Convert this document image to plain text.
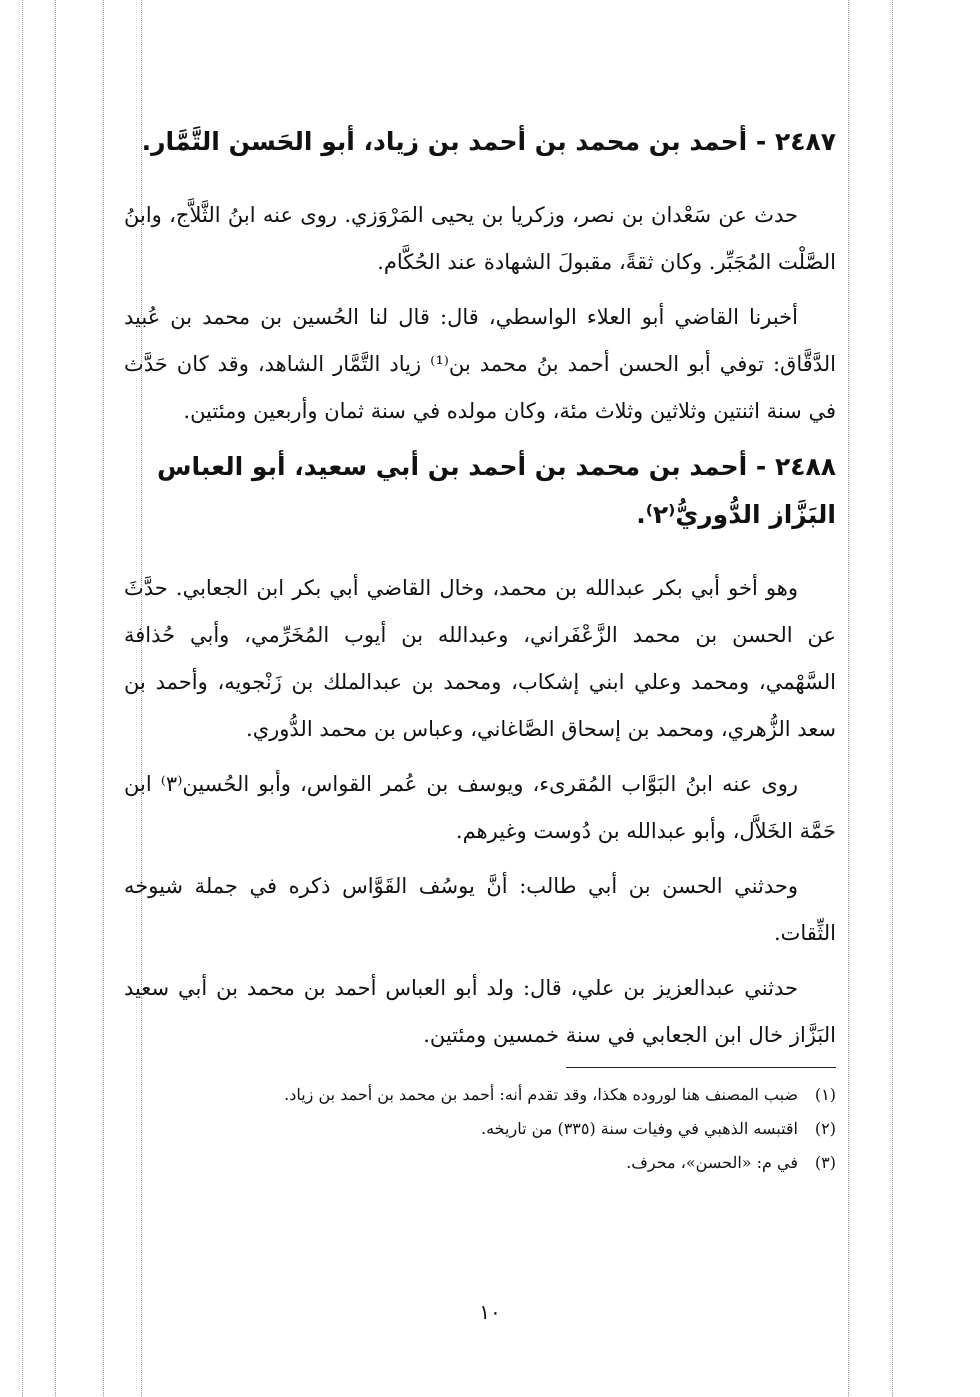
٢٤٨٧ - أحمد بن محمد بن أحمد بن زياد، أبو الحَسن التَّمَّار.

حدث عن سَعْدان بن نصر، وزكريا بن يحيى المَرْوَزي. روى عنه ابنُ الثَّلاَّج، وابنُ الصَّلْت المُجَبِّر. وكان ثقةً، مقبولَ الشهادة عند الحُكَّام.

أخبرنا القاضي أبو العلاء الواسطي، قال: قال لنا الحُسين بن محمد بن عُبيد الدَّقَّاق: توفي أبو الحسن أحمد بنُ محمد بن⁽¹⁾ زياد التَّمَّار الشاهد، وقد كان حَدَّث في سنة اثنتين وثلاثين وثلاث مئة، وكان مولده في سنة ثمان وأربعين ومئتين.

٢٤٨٨ - أحمد بن محمد بن أحمد بن أبي سعيد، أبو العباس البَزَّاز الدُّوريُّ⁽٢⁾.

وهو أخو أبي بكر عبدالله بن محمد، وخال القاضي أبي بكر ابن الجعابي. حدَّثَ عن الحسن بن محمد الزَّعْفَراني، وعبدالله بن أيوب المُخَرِّمي، وأبي حُذافة السَّهْمي، ومحمد وعلي ابني إشكاب، ومحمد بن عبدالملك بن زَنْجويه، وأحمد بن سعد الزُّهري، ومحمد بن إسحاق الصَّاغاني، وعباس بن محمد الدُّوري.

روى عنه ابنُ البَوَّاب المُقرىء، ويوسف بن عُمر القواس، وأبو الحُسين⁽٣⁾ ابن حَمَّة الخَلاَّل، وأبو عبدالله بن دُوست وغيرهم.

وحدثني الحسن بن أبي طالب: أنَّ يوسُف القَوَّاس ذكره في جملة شيوخه الثِّقات.

حدثني عبدالعزيز بن علي، قال: ولد أبو العباس أحمد بن محمد بن أبي سعيد البَزَّاز خال ابن الجعابي في سنة خمسين ومئتين.

(١)
ضبب المصنف هنا لوروده هكذا، وقد تقدم أنه: أحمد بن محمد بن أحمد بن زياد.
(٢)
اقتبسه الذهبي في وفيات سنة (٣٣٥) من تاريخه.
(٣)
في م: «الحسن»، محرف.
١٠
